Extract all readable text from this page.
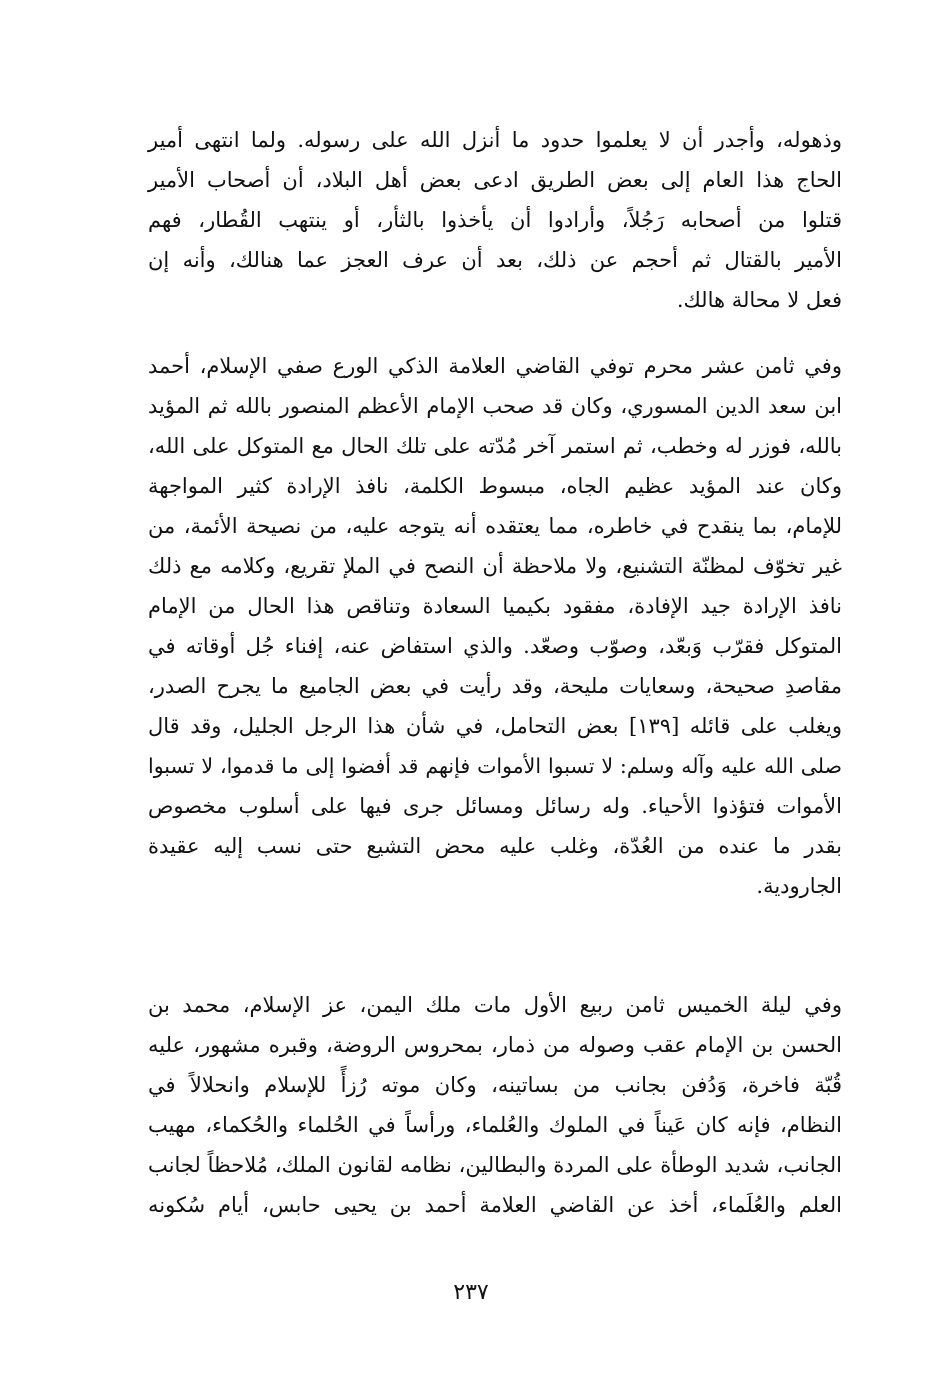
وذهوله، وأجدر أن لا يعلموا حدود ما أنزل الله على رسوله. ولما انتهى أمير
الحاج هذا العام إلى بعض الطريق ادعى بعض أهل البلاد، أن أصحاب الأمير
قتلوا من أصحابه رَجُلاً، وأرادوا أن يأخذوا بالثأر، أو ينتهب القُطار، فهم
الأمير بالقتال ثم أحجم عن ذلك، بعد أن عرف العجز عما هنالك، وأنه إن
فعل لا محالة هالك.
وفي ثامن عشر محرم توفي القاضي العلامة الذكي الورع صفي الإسلام، أحمد
ابن سعد الدين المسوري، وكان قد صحب الإمام الأعظم المنصور بالله ثم المؤيد
بالله، فوزر له وخطب، ثم استمر آخر مُدّته على تلك الحال مع المتوكل على الله،
وكان عند المؤيد عظيم الجاه، مبسوط الكلمة، نافذ الإرادة كثير المواجهة
للإمام، بما ينقدح في خاطره، مما يعتقده أنه يتوجه عليه، من نصيحة الأئمة، من
غير تخوّف لمظنّة التشنيع، ولا ملاحظة أن النصح في الملإ تقريع، وكلامه مع ذلك
نافذ الإرادة جيد الإفادة، مفقود بكيميا السعادة وتناقص هذا الحال من الإمام
المتوكل فقرّب وَبعّد، وصوّب وصعّد. والذي استفاض عنه، إفناء جُل أوقاته في
مقاصدِ صحيحة، وسعايات مليحة، وقد رأيت في بعض الجاميع ما يجرح الصدر،
ويغلب على قائله [١٣٩] بعض التحامل، في شأن هذا الرجل الجليل، وقد قال
صلى الله عليه وآله وسلم: لا تسبوا الأموات فإنهم قد أفضوا إلى ما قدموا، لا تسبوا
الأموات فتؤذوا الأحياء. وله رسائل ومسائل جرى فيها على أسلوب مخصوص
بقدر ما عنده من العُدّة، وغلب عليه محض التشيع حتى نسب إليه عقيدة
الجارودية.
وفي ليلة الخميس ثامن ربيع الأول مات ملك اليمن، عز الإسلام، محمد بن
الحسن بن الإمام عقب وصوله من ذمار، بمحروس الروضة، وقبره مشهور، عليه
قُبّة فاخرة، وَدُفن بجانب من بساتينه، وكان موته رُزأً للإسلام وانحلالاً في
النظام، فإنه كان عَيناً في الملوك والعُلماء، ورأساً في الحُلماء والحُكماء، مهيب
الجانب، شديد الوطأة على المردة والبطالين، نظامه لقانون الملك، مُلاحظاً لجانب
العلم والعُلَماء، أخذ عن القاضي العلامة أحمد بن يحيى حابس، أيام سُكونه
٢٣٧
